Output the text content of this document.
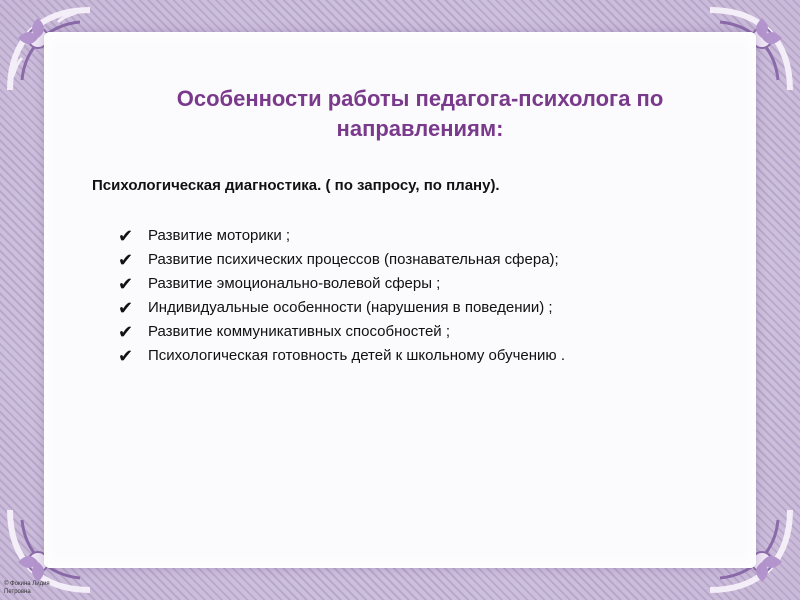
Особенности работы педагога-психолога по направлениям:
Психологическая диагностика. ( по запросу, по плану).
✔ Развитие моторики ;
✔ Развитие психических процессов (познавательная сфера);
✔ Развитие эмоционально-волевой сферы ;
✔ Индивидуальные особенности (нарушения в поведении) ;
✔ Развитие коммуникативных способностей ;
✔ Психологическая готовность детей к школьному обучению .
© Фокина Лидия
Петровна
